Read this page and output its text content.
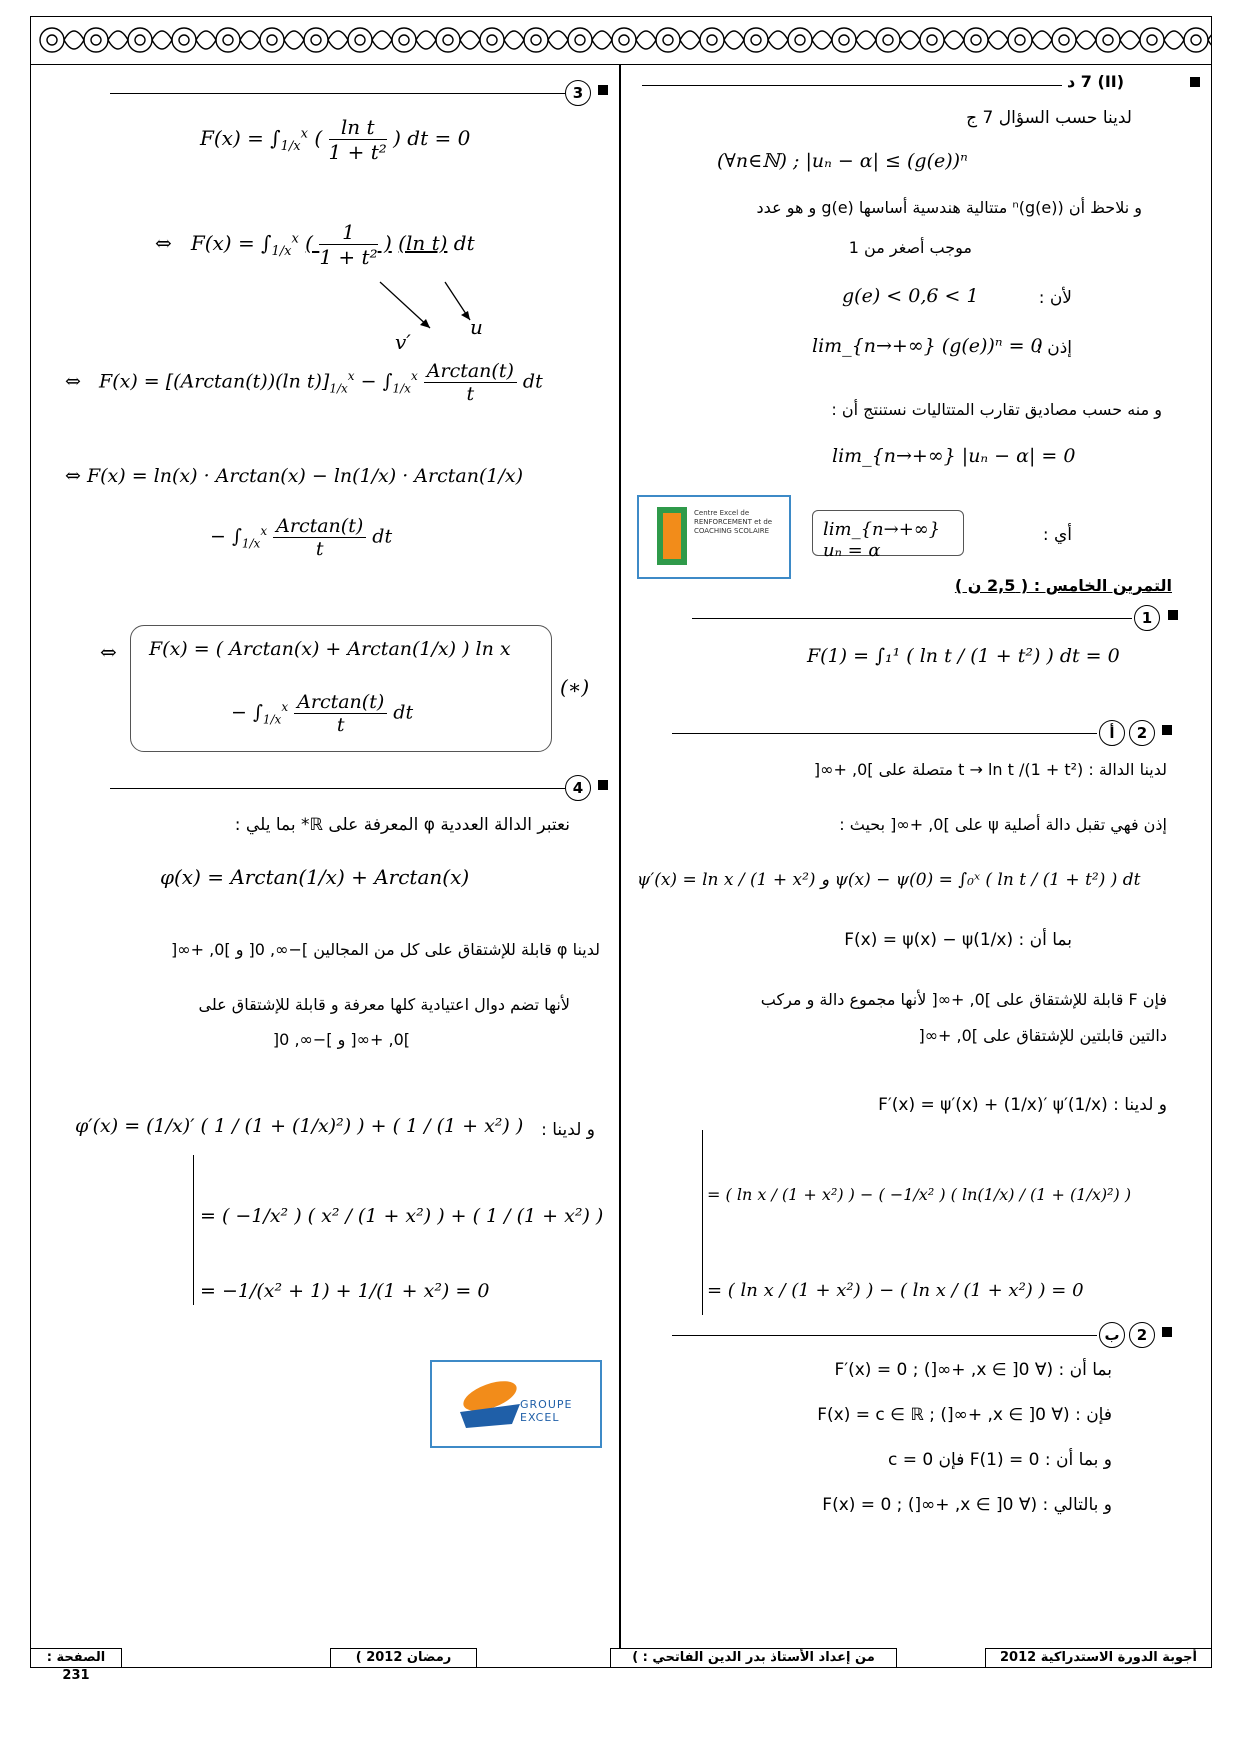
3
$F(x) = \int_{1/x}^x$ ( $\frac{\text{ln t}}{\text{1 + t²}}$ ) dt = 0
⇔   $F(x) = \int_{1/x}^x$ ( $\frac{1}{\text{1 + t²}}$ ) (ln t) dt
v′
u
⇔   F(x) = [(Arctan(t))(ln $t)]_{1/x}^x - \int_{1/x}^x \frac{\text{Arctan(t)}}{t}$ dt
⇔ F(x) = ln(x) · Arctan(x) − ln(1/x) · Arctan(1/x)
− $\int_{1/x}^x \frac{\text{Arctan(t)}}{t}$ dt
⇔ F(x) = ( Arctan(x) + Arctan(1/x) ) ln x
− $\int_{1/x}^x \frac{\text{Arctan(t)}}{t}$ dt
(∗)
4
نعتبر الدالة العددية φ المعرفة على ℝ* بما يلي :
φ(x) = Arctan(1/x) + Arctan(x)
لدينا φ قابلة للإشتقاق على كل من المجالين ]−∞, 0[ و ]0, +∞[
لأنها تضم دوال اعتيادية كلها معرفة و قابلة للإشتقاق على
]0, +∞[ و ]−∞, 0[
و لدينا :
φ′(x) = (1/x)′ ( 1 / (1 + (1/x)²) ) + ( 1 / (1 + x²) )
= ( −1/x² ) ( x² / (1 + x²) ) + ( 1 / (1 + x²) )
= −1/(x² + 1) + 1/(1 + x²) = 0
GROUPE EXCEL
(II) 7 د
لدينا حسب السؤال 7 ج
(∀n∈ℕ) ; |uₙ − α| ≤ (g(e))ⁿ
و نلاحظ أن (g(e))ⁿ متتالية هندسية أساسها g(e) و هو عدد
موجب أصغر من 1
لأن :
g(e) < 0,6 < 1
إذن :
lim_{n→+∞} (g(e))ⁿ = 0
و منه حسب مصاديق تقارب المتتاليات نستنتج أن :
lim_{n→+∞} |uₙ − α| = 0
Centre Excel de RENFORCEMENT et de COACHING SCOLAIRE	lim_{n→+∞} uₙ = α
أي :
التمرين الخامس : ( 2,5 ن )
1
F(1) = ∫₁¹ ( ln t / (1 + t²) ) dt = 0
أ	2
لدينا الدالة : t → ln t /(1 + t²) متصلة على ]0, +∞[
إذن فهي تقبل دالة أصلية ψ على ]0, +∞[ بحيث :
ψ′(x) = ln x / (1 + x²) و ψ(x) − ψ(0) = ∫₀ˣ ( ln t / (1 + t²) ) dt
بما أن : F(x) = ψ(x) − ψ(1/x)
فإن F قابلة للإشتقاق على ]0, +∞[ لأنها مجموع دالة و مركب
دالتين قابلتين للإشتقاق على ]0, +∞[
و لدينا : F′(x) = ψ′(x) + (1/x)′ ψ′(1/x)
= ( ln x / (1 + x²) ) − ( −1/x² ) ( ln(1/x) / (1 + (1/x)²) )
= ( ln x / (1 + x²) ) − ( ln x / (1 + x²) ) = 0
ب	2
بما أن : (∀ x ∈ ]0, +∞[) ; F′(x) = 0
فإن : (∀ x ∈ ]0, +∞[) ; F(x) = c ∈ ℝ
و بما أن : F(1) = 0 فإن c = 0
و بالتالي : (∀ x ∈ ]0, +∞[) ; F(x) = 0
الصفحة : 231
رمضان 2012 )	من إعداد الأستاذ بدر الدين الفاتحي : )	أجوبة الدورة الاستدراكية 2012
